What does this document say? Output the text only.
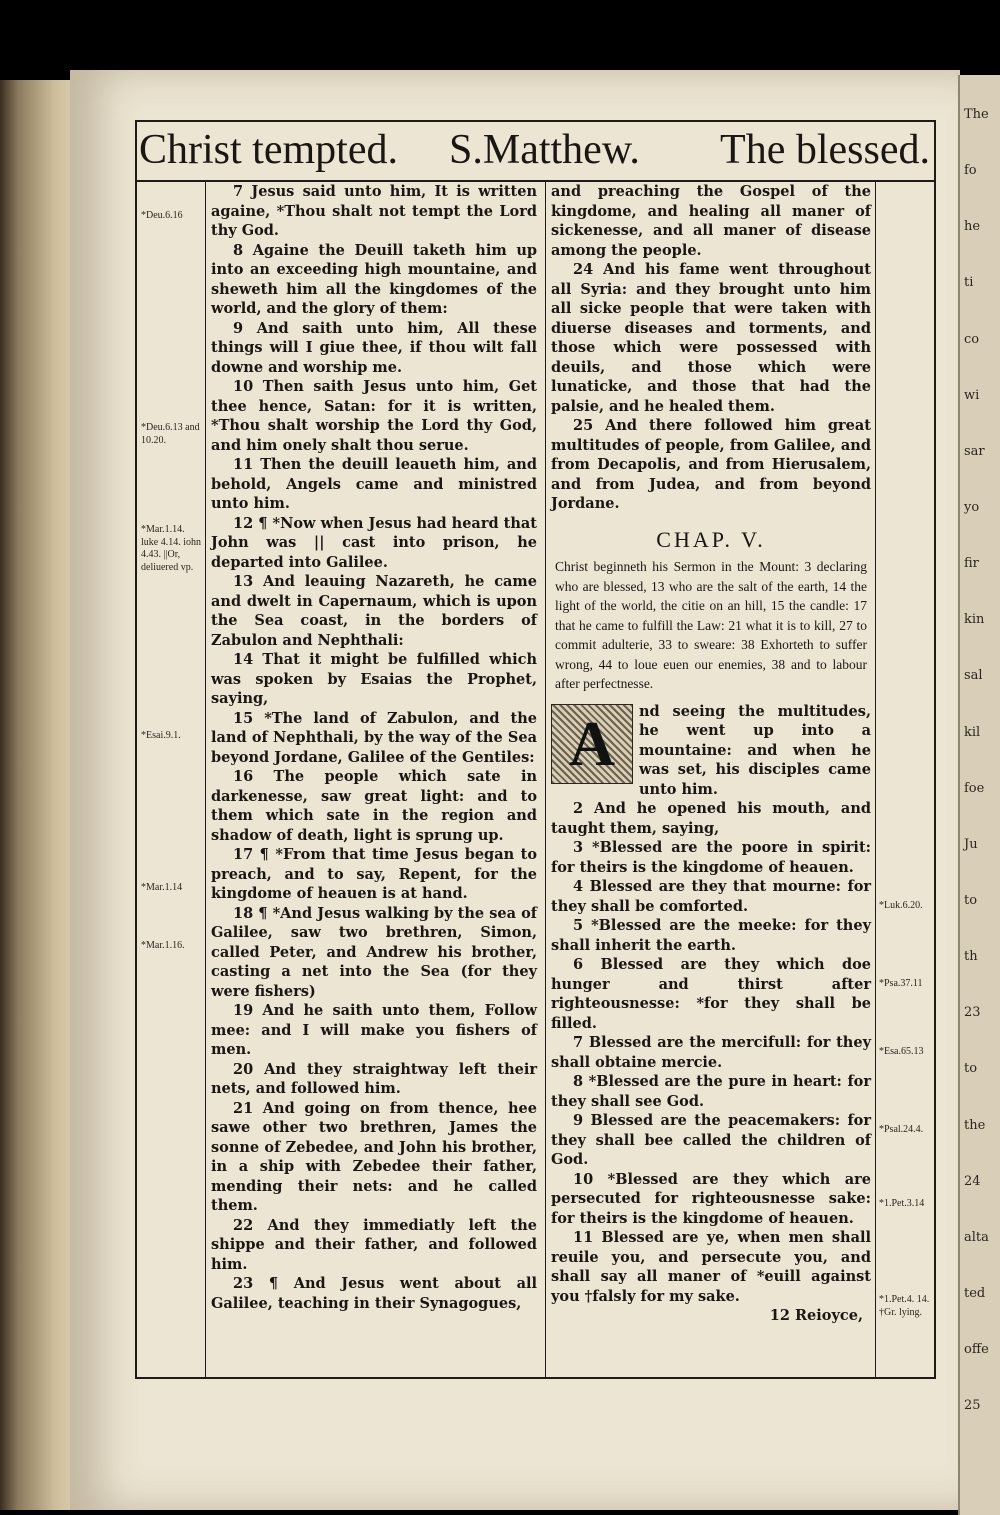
The
fo
he
ti
co
wi
sar
yo
fir
kin
sal
kil
foe
Ju
to
th
23
to
the
24
alta
ted
offe
25
Christ tempted. S.Matthew. The blessed.
*Deu.6.16
*Deu.6.13 and 10.20.
*Mar.1.14. luke 4.14. iohn 4.43. ||Or, deliuered vp.
*Esai.9.1.
*Mar.1.14
*Mar.1.16.

7 Jesus said unto him, It is written againe, *Thou shalt not tempt the Lord thy God.

8 Againe the Deuill taketh him up into an exceeding high mountaine, and sheweth him all the kingdomes of the world, and the glory of them:

9 And saith unto him, All these things will I giue thee, if thou wilt fall downe and worship me.

10 Then saith Jesus unto him, Get thee hence, Satan: for it is written, *Thou shalt worship the Lord thy God, and him onely shalt thou serue.

11 Then the deuill leaueth him, and behold, Angels came and ministred unto him.

12 ¶ *Now when Jesus had heard that John was || cast into prison, he departed into Galilee.

13 And leauing Nazareth, he came and dwelt in Capernaum, which is upon the Sea coast, in the borders of Zabulon and Nephthali:

14 That it might be fulfilled which was spoken by Esaias the Prophet, saying,

15 *The land of Zabulon, and the land of Nephthali, by the way of the Sea beyond Jordane, Galilee of the Gentiles:

16 The people which sate in darkenesse, saw great light: and to them which sate in the region and shadow of death, light is sprung up.

17 ¶ *From that time Jesus began to preach, and to say, Repent, for the kingdome of heauen is at hand.

18 ¶ *And Jesus walking by the sea of Galilee, saw two brethren, Simon, called Peter, and Andrew his brother, casting a net into the Sea (for they were fishers)

19 And he saith unto them, Follow mee: and I will make you fishers of men.

20 And they straightway left their nets, and followed him.

21 And going on from thence, hee sawe other two brethren, James the sonne of Zebedee, and John his brother, in a ship with Zebedee their father, mending their nets: and he called them.

22 And they immediatly left the shippe and their father, and followed him.

23 ¶ And Jesus went about all Galilee, teaching in their Synagogues,

and preaching the Gospel of the kingdome, and healing all maner of sickenesse, and all maner of disease among the people.

24 And his fame went throughout all Syria: and they brought unto him all sicke people that were taken with diuerse diseases and torments, and those which were possessed with deuils, and those which were lunaticke, and those that had the palsie, and he healed them.

25 And there followed him great multitudes of people, from Galilee, and from Decapolis, and from Hierusalem, and from Judea, and from beyond Jordane.

CHAP. V.
Christ beginneth his Sermon in the Mount: 3 declaring who are blessed, 13 who are the salt of the earth, 14 the light of the world, the citie on an hill, 15 the candle: 17 that he came to fulfill the Law: 21 what it is to kill, 27 to commit adulterie, 33 to sweare: 38 Exhorteth to suffer wrong, 44 to loue euen our enemies, 38 and to labour after perfectnesse.
A	nd seeing the multitudes, he went up into a mountaine: and when he was set, his disciples came unto him.

2 And he opened his mouth, and taught them, saying,

3 *Blessed are the poore in spirit: for theirs is the kingdome of heauen.

4 Blessed are they that mourne: for they shall be comforted.

5 *Blessed are the meeke: for they shall inherit the earth.

6 Blessed are they which doe hunger and thirst after righteousnesse: *for they shall be filled.

7 Blessed are the mercifull: for they shall obtaine mercie.

8 *Blessed are the pure in heart: for they shall see God.

9 Blessed are the peacemakers: for they shall bee called the children of God.

10 *Blessed are they which are persecuted for righteousnesse sake: for theirs is the kingdome of heauen.

11 Blessed are ye, when men shall reuile you, and persecute you, and shall say all maner of *euill against you †falsly for my sake.

12 Reioyce,
*Luk.6.20.
*Psa.37.11
*Esa.65.13
*Psal.24.4.
*1.Pet.3.14
*1.Pet.4. 14. †Gr. lying.
